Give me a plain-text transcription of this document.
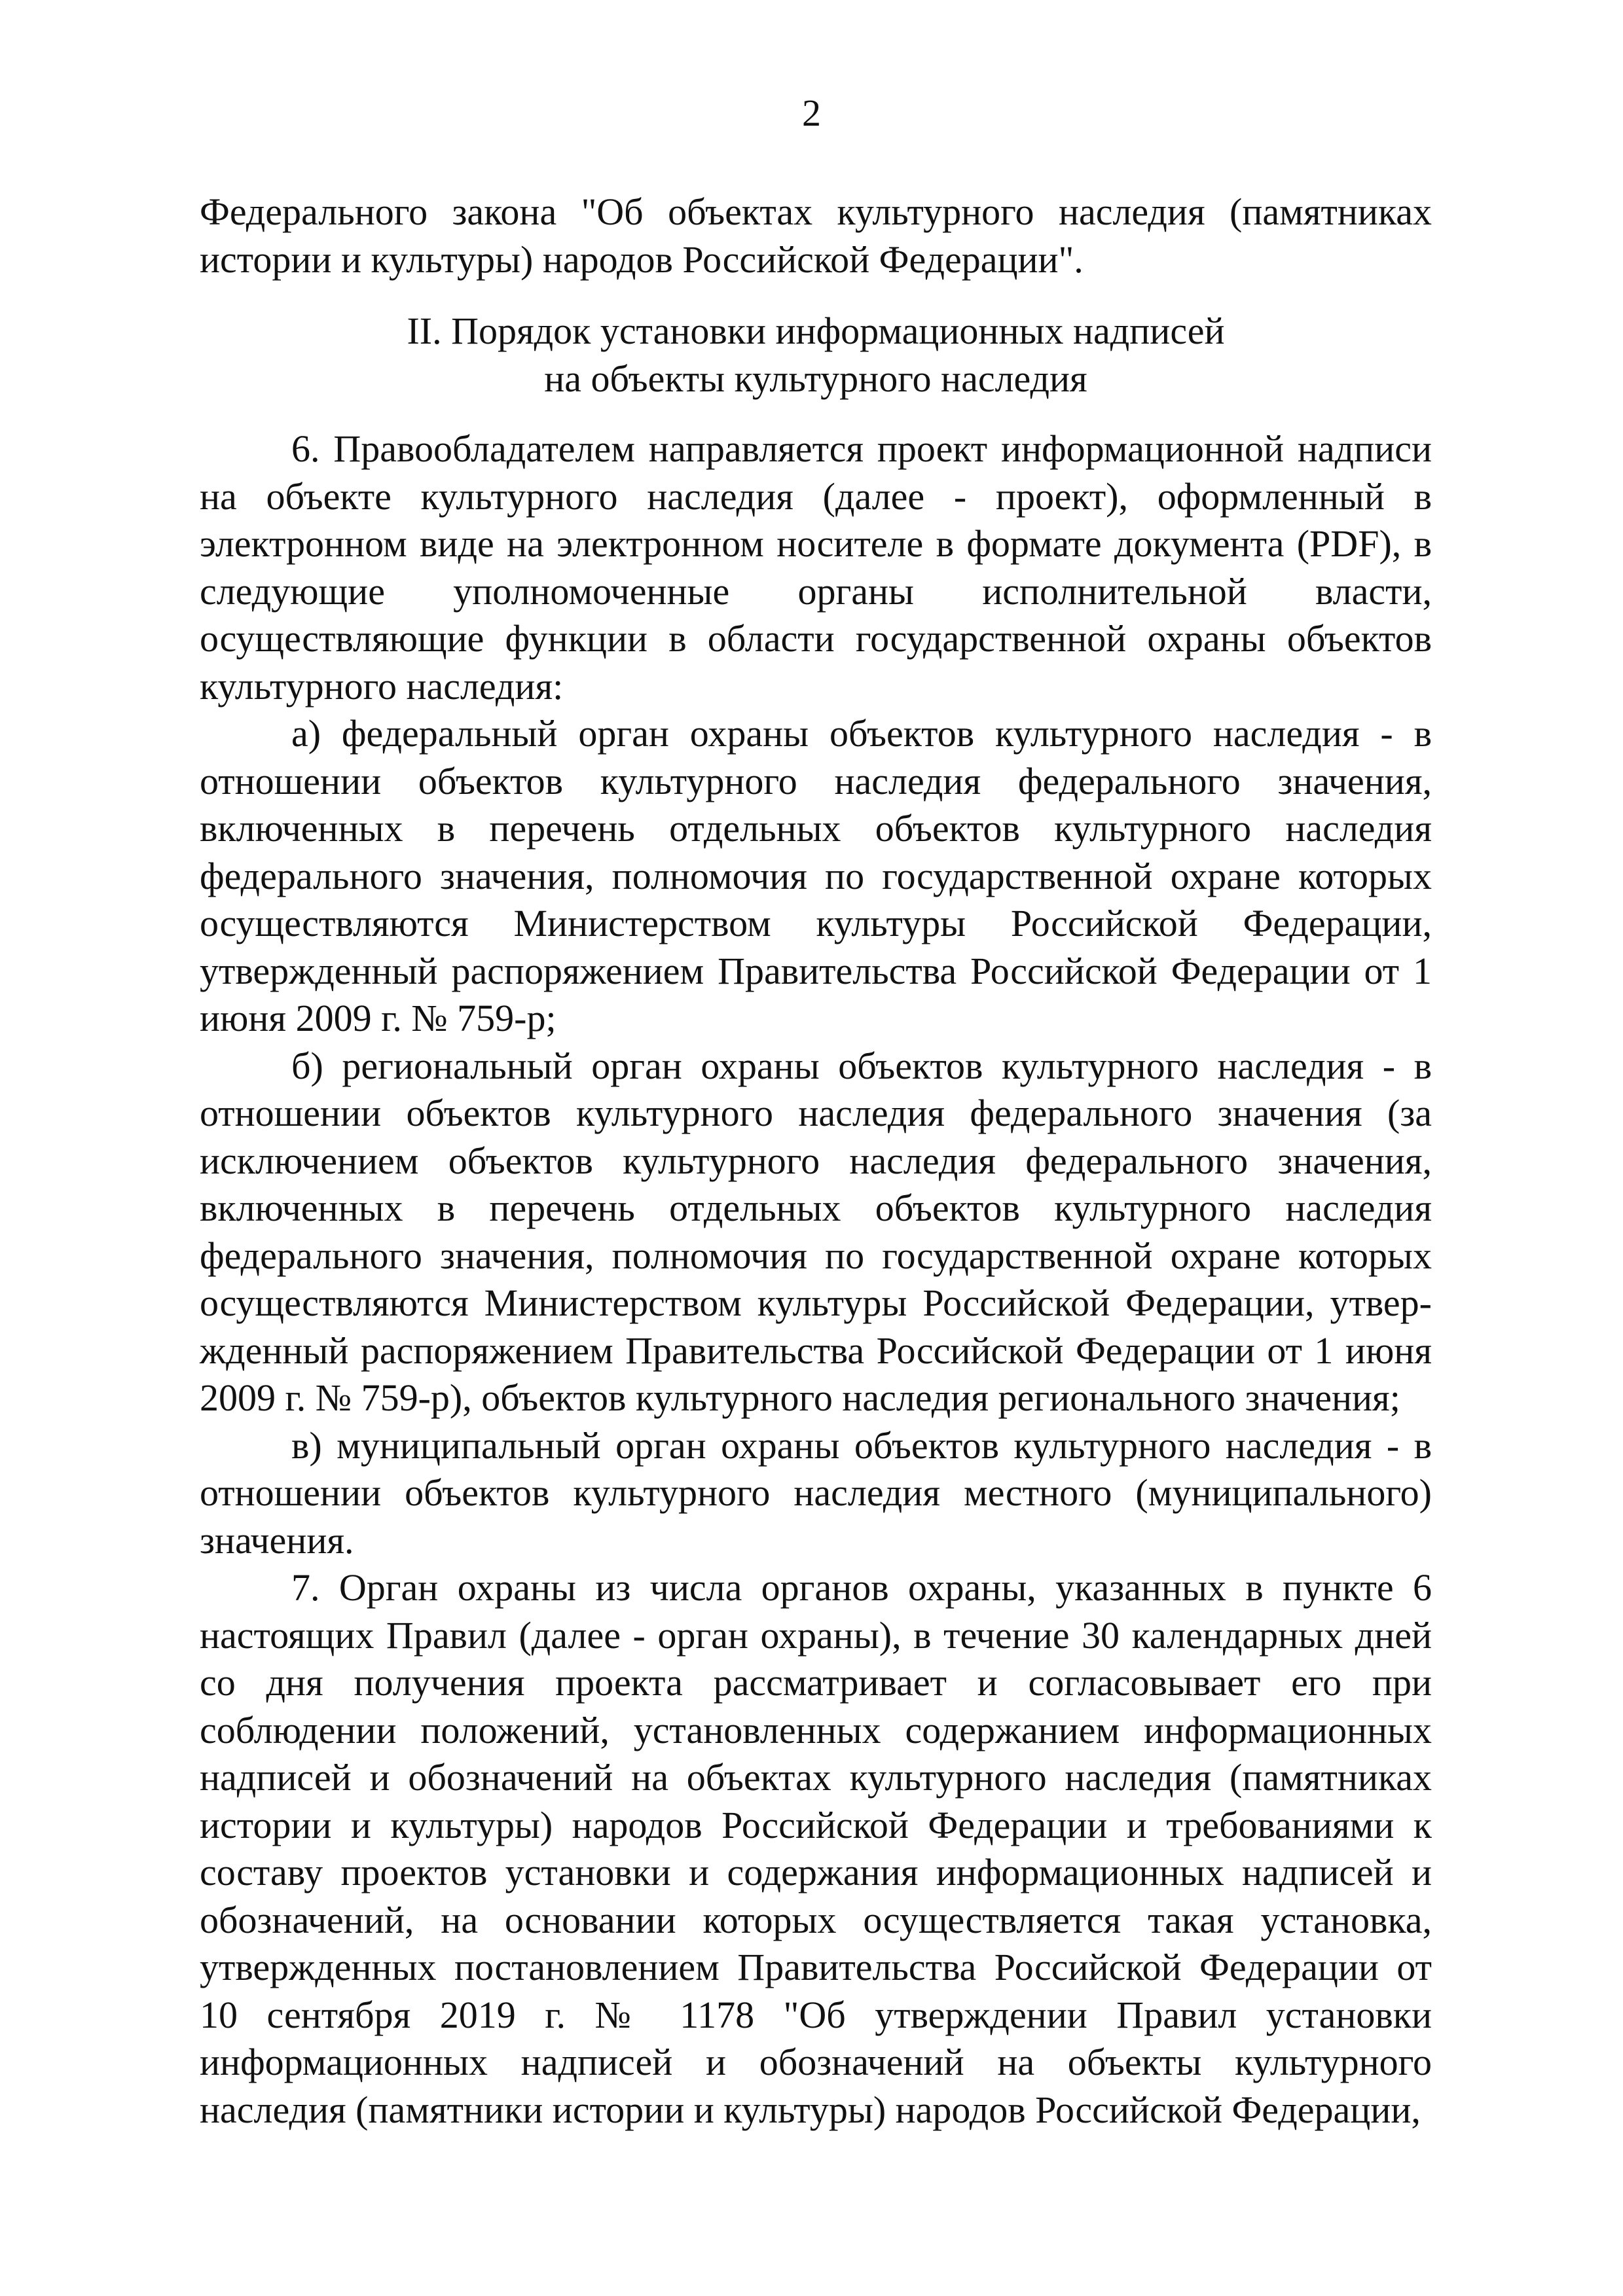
2
Федерального закона "Об объектах культурного наследия (памятниках истории и культуры) народов Российской Федерации".
II. Порядок установки информационных надписей
на объекты культурного наследия

6. Правообладателем направляется проект информационной надписи на объекте культурного наследия (далее - проект), оформленный в электронном виде на электронном носителе в формате документа (PDF), в следующие уполномоченные органы исполнительной власти, осуществляющие функции в области государственной охраны объектов культурного наследия:

а) федеральный орган охраны объектов культурного наследия - в отношении объектов культурного наследия федерального значения, включенных в перечень отдельных объектов культурного наследия федерального значения, полномочия по государственной охране которых осуществляются Министерством культуры Российской Федерации, утвержденный распоряжением Правительства Российской Федерации от 1 июня 2009 г. № 759-р;

б) региональный орган охраны объектов культурного наследия - в отношении объектов культурного наследия федерального значения (за исключением объектов культурного наследия федерального значения, включенных в перечень отдельных объектов культурного наследия федерального значения, полномочия по государственной охране которых осуществляются Министерством культуры Российской Федерации, утвержденный распоряжением Правительства Российской Федерации от 1 июня 2009 г. № 759-р), объектов культурного наследия регионального значения;

в) муниципальный орган охраны объектов культурного наследия - в отношении объектов культурного наследия местного (муниципального) значения.

7. Орган охраны из числа органов охраны, указанных в пункте 6 настоящих Правил (далее - орган охраны), в течение 30 календарных дней со дня получения проекта рассматривает и согласовывает его при соблюдении положений, установленных содержанием информационных надписей и обозначений на объектах культурного наследия (памятниках истории и культуры) народов Российской Федерации и требованиями к составу проектов установки и содержания информационных надписей и обозначений, на основании которых осуществляется такая установка, утвержденных постановлением Правительства Российской Федерации от 10 сентября 2019 г. № 1178 "Об утверждении Правил установки информационных надписей и обозначений на объекты культурного наследия (памятники истории и культуры) народов Российской Федерации,
